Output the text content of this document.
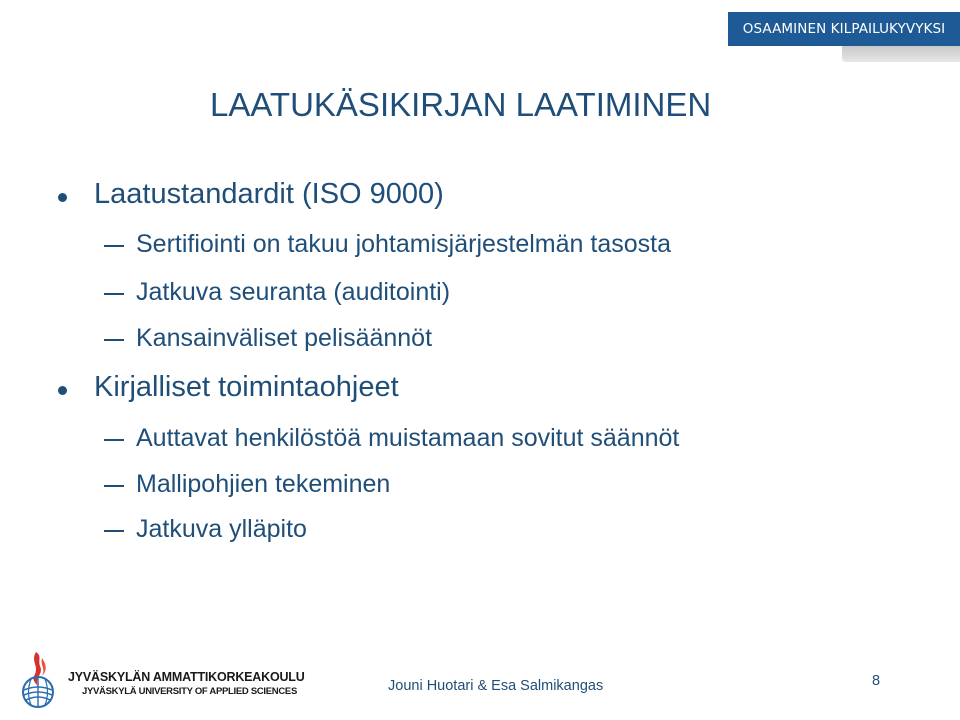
OSAAMINEN KILPAILUKYVYKSI
LAATUKÄSIKIRJAN LAATIMINEN
Laatustandardit (ISO 9000)
Sertifiointi on takuu johtamisjärjestelmän tasosta
Jatkuva seuranta (auditointi)
Kansainväliset pelisäännöt
Kirjalliset toimintaohjeet
Auttavat henkilöstöä muistamaan sovitut säännöt
Mallipohjien tekeminen
Jatkuva ylläpito
JYVÄSKYLÄN AMMATTIKORKEAKOULU
JYVÄSKYLÄ UNIVERSITY OF APPLIED SCIENCES	Jouni Huotari & Esa Salmikangas	8
